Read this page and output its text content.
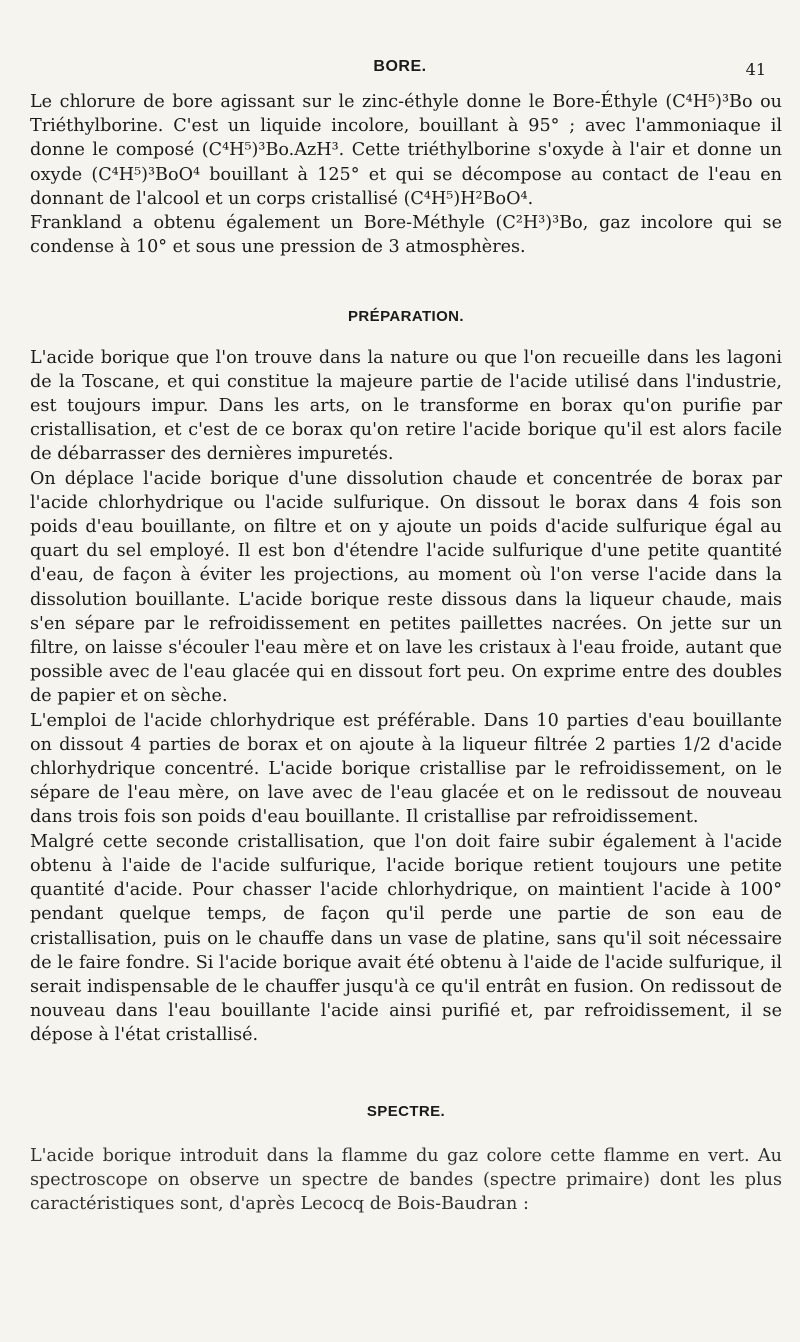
BORE.	41

Le chlorure de bore agissant sur le zinc-éthyle donne le Bore-Éthyle (C⁴H⁵)³Bo ou Triéthylborine. C'est un liquide incolore, bouillant à 95° ; avec l'ammoniaque il donne le composé (C⁴H⁵)³Bo.AzH³. Cette triéthylborine s'oxyde à l'air et donne un oxyde (C⁴H⁵)³BoO⁴ bouillant à 125° et qui se décompose au contact de l'eau en donnant de l'alcool et un corps cristallisé (C⁴H⁵)H²BoO⁴.

Frankland a obtenu également un Bore-Méthyle (C²H³)³Bo, gaz incolore qui se condense à 10° et sous une pression de 3 atmosphères.

PRÉPARATION.

L'acide borique que l'on trouve dans la nature ou que l'on recueille dans les lagoni de la Toscane, et qui constitue la majeure partie de l'acide utilisé dans l'industrie, est toujours impur. Dans les arts, on le transforme en borax qu'on purifie par cristallisation, et c'est de ce borax qu'on retire l'acide borique qu'il est alors facile de débarrasser des dernières impuretés.

On déplace l'acide borique d'une dissolution chaude et concentrée de borax par l'acide chlorhydrique ou l'acide sulfurique. On dissout le borax dans 4 fois son poids d'eau bouillante, on filtre et on y ajoute un poids d'acide sulfurique égal au quart du sel employé. Il est bon d'étendre l'acide sulfurique d'une petite quantité d'eau, de façon à éviter les projections, au moment où l'on verse l'acide dans la dissolution bouillante. L'acide borique reste dissous dans la liqueur chaude, mais s'en sépare par le refroidissement en petites paillettes nacrées. On jette sur un filtre, on laisse s'écouler l'eau mère et on lave les cristaux à l'eau froide, autant que possible avec de l'eau glacée qui en dissout fort peu. On exprime entre des doubles de papier et on sèche.

L'emploi de l'acide chlorhydrique est préférable. Dans 10 parties d'eau bouillante on dissout 4 parties de borax et on ajoute à la liqueur filtrée 2 parties 1/2 d'acide chlorhydrique concentré. L'acide borique cristallise par le refroidissement, on le sépare de l'eau mère, on lave avec de l'eau glacée et on le redissout de nouveau dans trois fois son poids d'eau bouillante. Il cristallise par refroidissement.

Malgré cette seconde cristallisation, que l'on doit faire subir également à l'acide obtenu à l'aide de l'acide sulfurique, l'acide borique retient toujours une petite quantité d'acide. Pour chasser l'acide chlorhydrique, on maintient l'acide à 100° pendant quelque temps, de façon qu'il perde une partie de son eau de cristallisation, puis on le chauffe dans un vase de platine, sans qu'il soit nécessaire de le faire fondre. Si l'acide borique avait été obtenu à l'aide de l'acide sulfurique, il serait indispensable de le chauffer jusqu'à ce qu'il entrât en fusion. On redissout de nouveau dans l'eau bouillante l'acide ainsi purifié et, par refroidissement, il se dépose à l'état cristallisé.

SPECTRE.

L'acide borique introduit dans la flamme du gaz colore cette flamme en vert. Au spectroscope on observe un spectre de bandes (spectre primaire) dont les plus caractéristiques sont, d'après Lecocq de Bois-Baudran :
